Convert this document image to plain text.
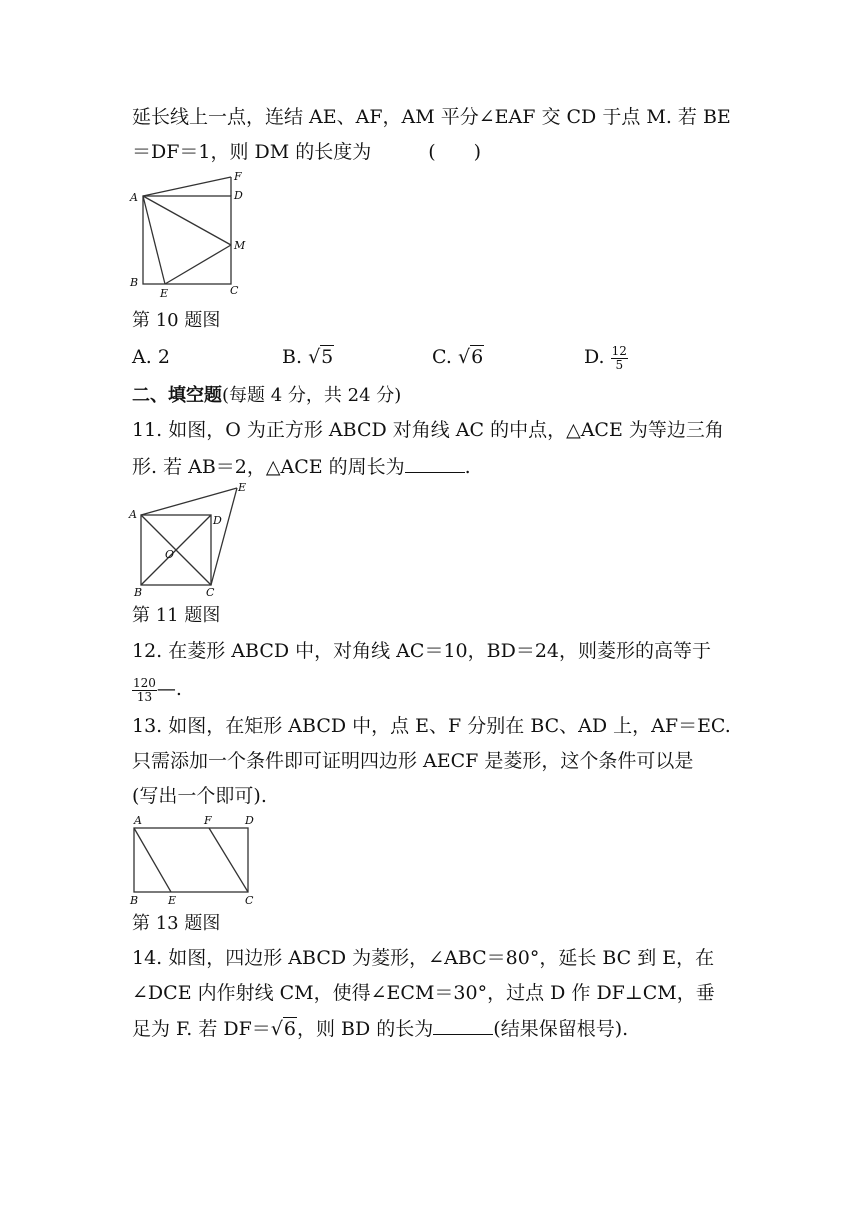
延长线上一点，连结 AE、AF，AM 平分∠EAF 交 CD 于点 M. 若 BE
＝DF＝1，则 DM 的长度为　　　(　　)
F
D
A
M
B
E	C
第 10 题图
A. 2	B. √5	C. √6	D. $\frac{12}{5}$
二、填空题(每题 4 分，共 24 分)
11. 如图，O 为正方形 ABCD 对角线 AC 的中点，△ACE 为等边三角
形. 若 AB＝2，△ACE 的周长为	.
E
A	D
O
B	C
第 11 题图
12. 在菱形 ABCD 中，对角线 AC＝10，BD＝24，则菱形的高等于
$\frac{120}{13}$ —.
13. 如图，在矩形 ABCD 中，点 E、F 分别在 BC、AD 上，AF＝EC.
只需添加一个条件即可证明四边形 AECF 是菱形，这个条件可以是
(写出一个即可).
A	F	D
B	E	C
第 13 题图
14. 如图，四边形 ABCD 为菱形，∠ABC＝80°，延长 BC 到 E，在
∠DCE 内作射线 CM，使得∠ECM＝30°，过点 D 作 DF⊥CM，垂
足为 F. 若 DF＝√6，则 BD 的长为	(结果保留根号).
